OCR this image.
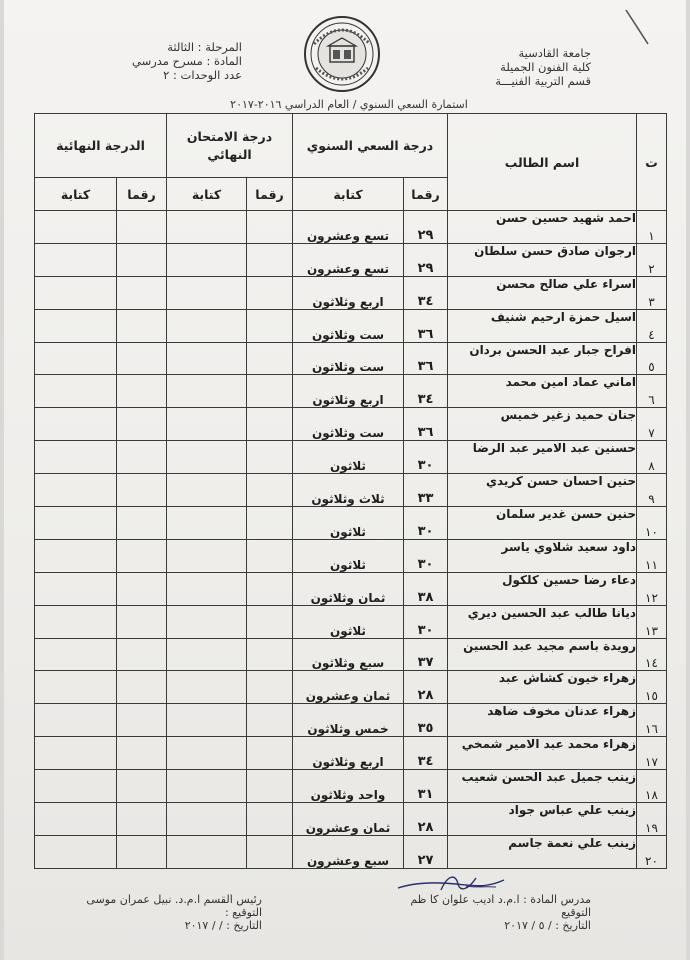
جامعة القادسية
كلية الفنون الجميلة
قسم التربية الفنيـــة
المرحلة : الثالثة
المادة : مسرح مدرسي
عدد الوحدات : ٢
استمارة السعي السنوي / العام الدراسي ٢٠١٦-٢٠١٧
ت	اسم الطالب	درجة السعي السنوي		درجة الامتحان النهائي		الدرجة النهائية	
		رقما	كتابة	رقما	كتابة	رقما	كتابة
١	احمد شهيد حسين حسن	٢٩	تسع وعشرون				
٢	ارجوان صادق حسن سلطان	٢٩	تسع وعشرون				
٣	اسراء علي صالح محسن	٣٤	اربع وثلاثون				
٤	اسيل حمزة ارحيم شنيف	٣٦	ست وثلاثون				
٥	افراح جبار عبد الحسن بردان	٣٦	ست وثلاثون				
٦	اماني عماد امين محمد	٣٤	اربع وثلاثون				
٧	جنان حميد زغير خميس	٣٦	ست وثلاثون				
٨	حسنين عبد الامير عبد الرضا	٣٠	ثلاثون				
٩	حنين احسان حسن كريدي	٣٣	ثلاث وثلاثون				
١٠	حنين حسن غدير سلمان	٣٠	ثلاثون				
١١	داود سعيد شلاوي ياسر	٣٠	ثلاثون				
١٢	دعاء رضا حسين كلكول	٣٨	ثمان وثلاثون				
١٣	ديانا طالب عبد الحسين ديري	٣٠	ثلاثون				
١٤	رويدة باسم مجيد عبد الحسين	٣٧	سبع وثلاثون				
١٥	زهراء خيون كشاش عبد	٢٨	ثمان وعشرون				
١٦	زهراء عدنان مخوف ضاهد	٣٥	خمس وثلاثون				
١٧	زهراء محمد عبد الامير شمخي	٣٤	اربع وثلاثون				
١٨	زينب جميل عبد الحسن شعيب	٣١	واحد وثلاثون				
١٩	زينب علي عباس جواد	٢٨	ثمان وعشرون				
٢٠	زينب علي نعمة جاسم	٢٧	سبع وعشرون				
مدرس المادة : ا.م.د اديب علوان كا ظم
التوقيع
التاريخ : / ٥ / ٢٠١٧
رئيس القسم ا.م.د. نبيل عمران موسى
التوقيع :
التاريخ : / / ٢٠١٧
